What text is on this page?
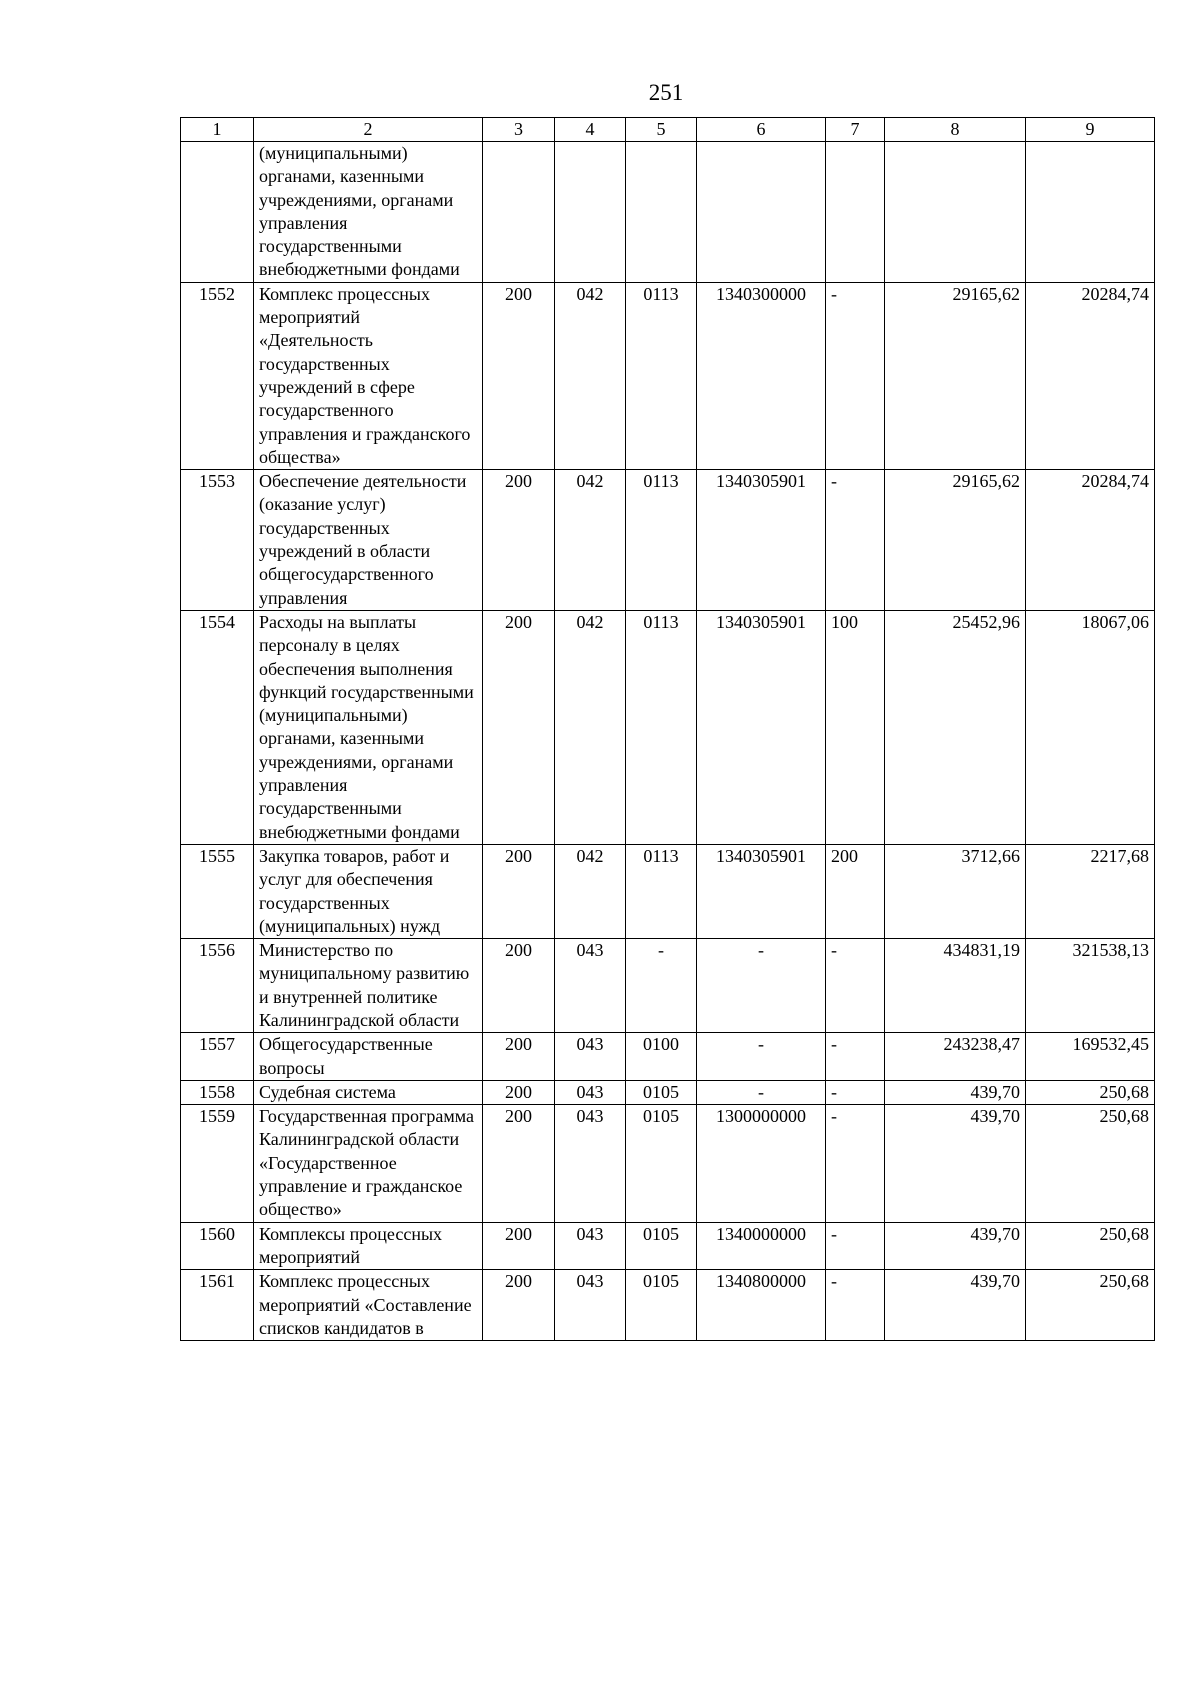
251
1	2	3	4	5	6	7	8	9
	(муниципальными) органами, казенными учреждениями, органами управления государственными внебюджетными фондами							
1552	Комплекс процессных мероприятий «Деятельность государственных учреждений в сфере государственного управления и гражданского общества»	200	042	0113	1340300000	-	29165,62	20284,74
1553	Обеспечение деятельности (оказание услуг) государственных учреждений в области общегосударственного управления	200	042	0113	1340305901	-	29165,62	20284,74
1554	Расходы на выплаты персоналу в целях обеспечения выполнения функций государственными (муниципальными) органами, казенными учреждениями, органами управления государственными внебюджетными фондами	200	042	0113	1340305901	100	25452,96	18067,06
1555	Закупка товаров, работ и услуг для обеспечения государственных (муниципальных) нужд	200	042	0113	1340305901	200	3712,66	2217,68
1556	Министерство по муниципальному развитию и внутренней политике Калининградской области	200	043	-	-	-	434831,19	321538,13
1557	Общегосударственные вопросы	200	043	0100	-	-	243238,47	169532,45
1558	Судебная система	200	043	0105	-	-	439,70	250,68
1559	Государственная программа Калининградской области «Государственное управление и гражданское общество»	200	043	0105	1300000000	-	439,70	250,68
1560	Комплексы процессных мероприятий	200	043	0105	1340000000	-	439,70	250,68
1561	Комплекс процессных мероприятий «Составление списков кандидатов в	200	043	0105	1340800000	-	439,70	250,68
